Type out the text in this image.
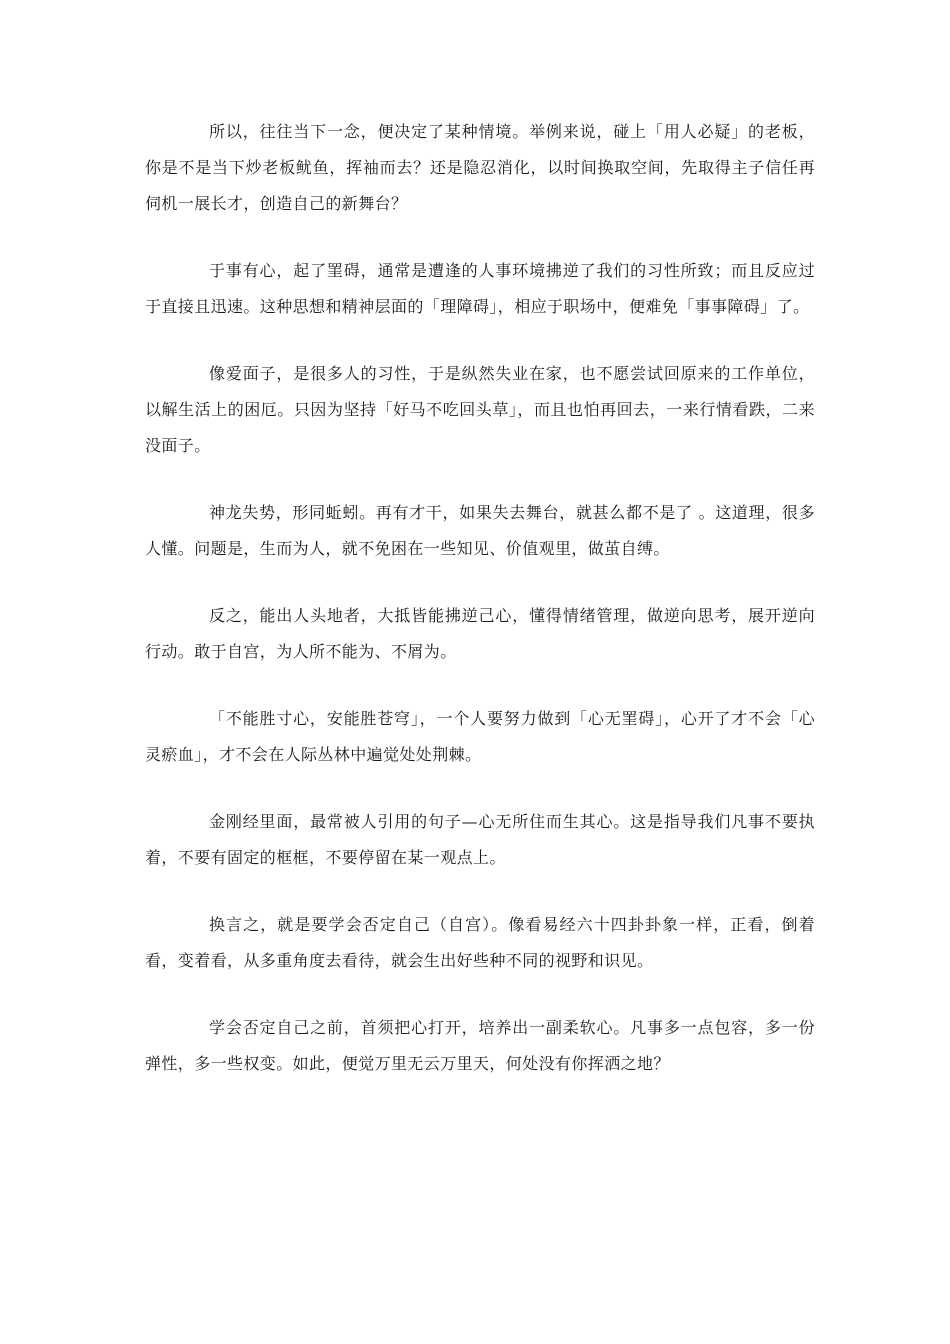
所以，往往当下一念，便决定了某种情境。举例来说，碰上「用人必疑」的老板，你是不是当下炒老板鱿鱼，挥袖而去？还是隐忍消化，以时间换取空间，先取得主子信任再伺机一展长才，创造自己的新舞台？

于事有心，起了罣碍，通常是遭逢的人事环境拂逆了我们的习性所致；而且反应过于直接且迅速。这种思想和精神层面的「理障碍」，相应于职场中，便难免「事事障碍」了。

像爱面子，是很多人的习性，于是纵然失业在家，也不愿尝试回原来的工作单位，以解生活上的困厄。只因为坚持「好马不吃回头草」，而且也怕再回去，一来行情看跌，二来没面子。

神龙失势，形同蚯蚓。再有才干，如果失去舞台，就甚么都不是了 。这道理，很多人懂。问题是，生而为人，就不免困在一些知见、价值观里，做茧自缚。

反之，能出人头地者，大抵皆能拂逆己心，懂得情绪管理，做逆向思考，展开逆向行动。敢于自宫，为人所不能为、不屑为。

「不能胜寸心，安能胜苍穹」，一个人要努力做到「心无罣碍」，心开了才不会「心灵瘀血」，才不会在人际丛林中遍觉处处荆棘。

金刚经里面，最常被人引用的句子—心无所住而生其心。这是指导我们凡事不要执着，不要有固定的框框，不要停留在某一观点上。

换言之，就是要学会否定自己（自宫）。像看易经六十四卦卦象一样，正看，倒着看，变着看，从多重角度去看待，就会生出好些种不同的视野和识见。

学会否定自己之前，首须把心打开，培养出一副柔软心。凡事多一点包容，多一份弹性，多一些权变。如此，便觉万里无云万里天，何处没有你挥洒之地？
